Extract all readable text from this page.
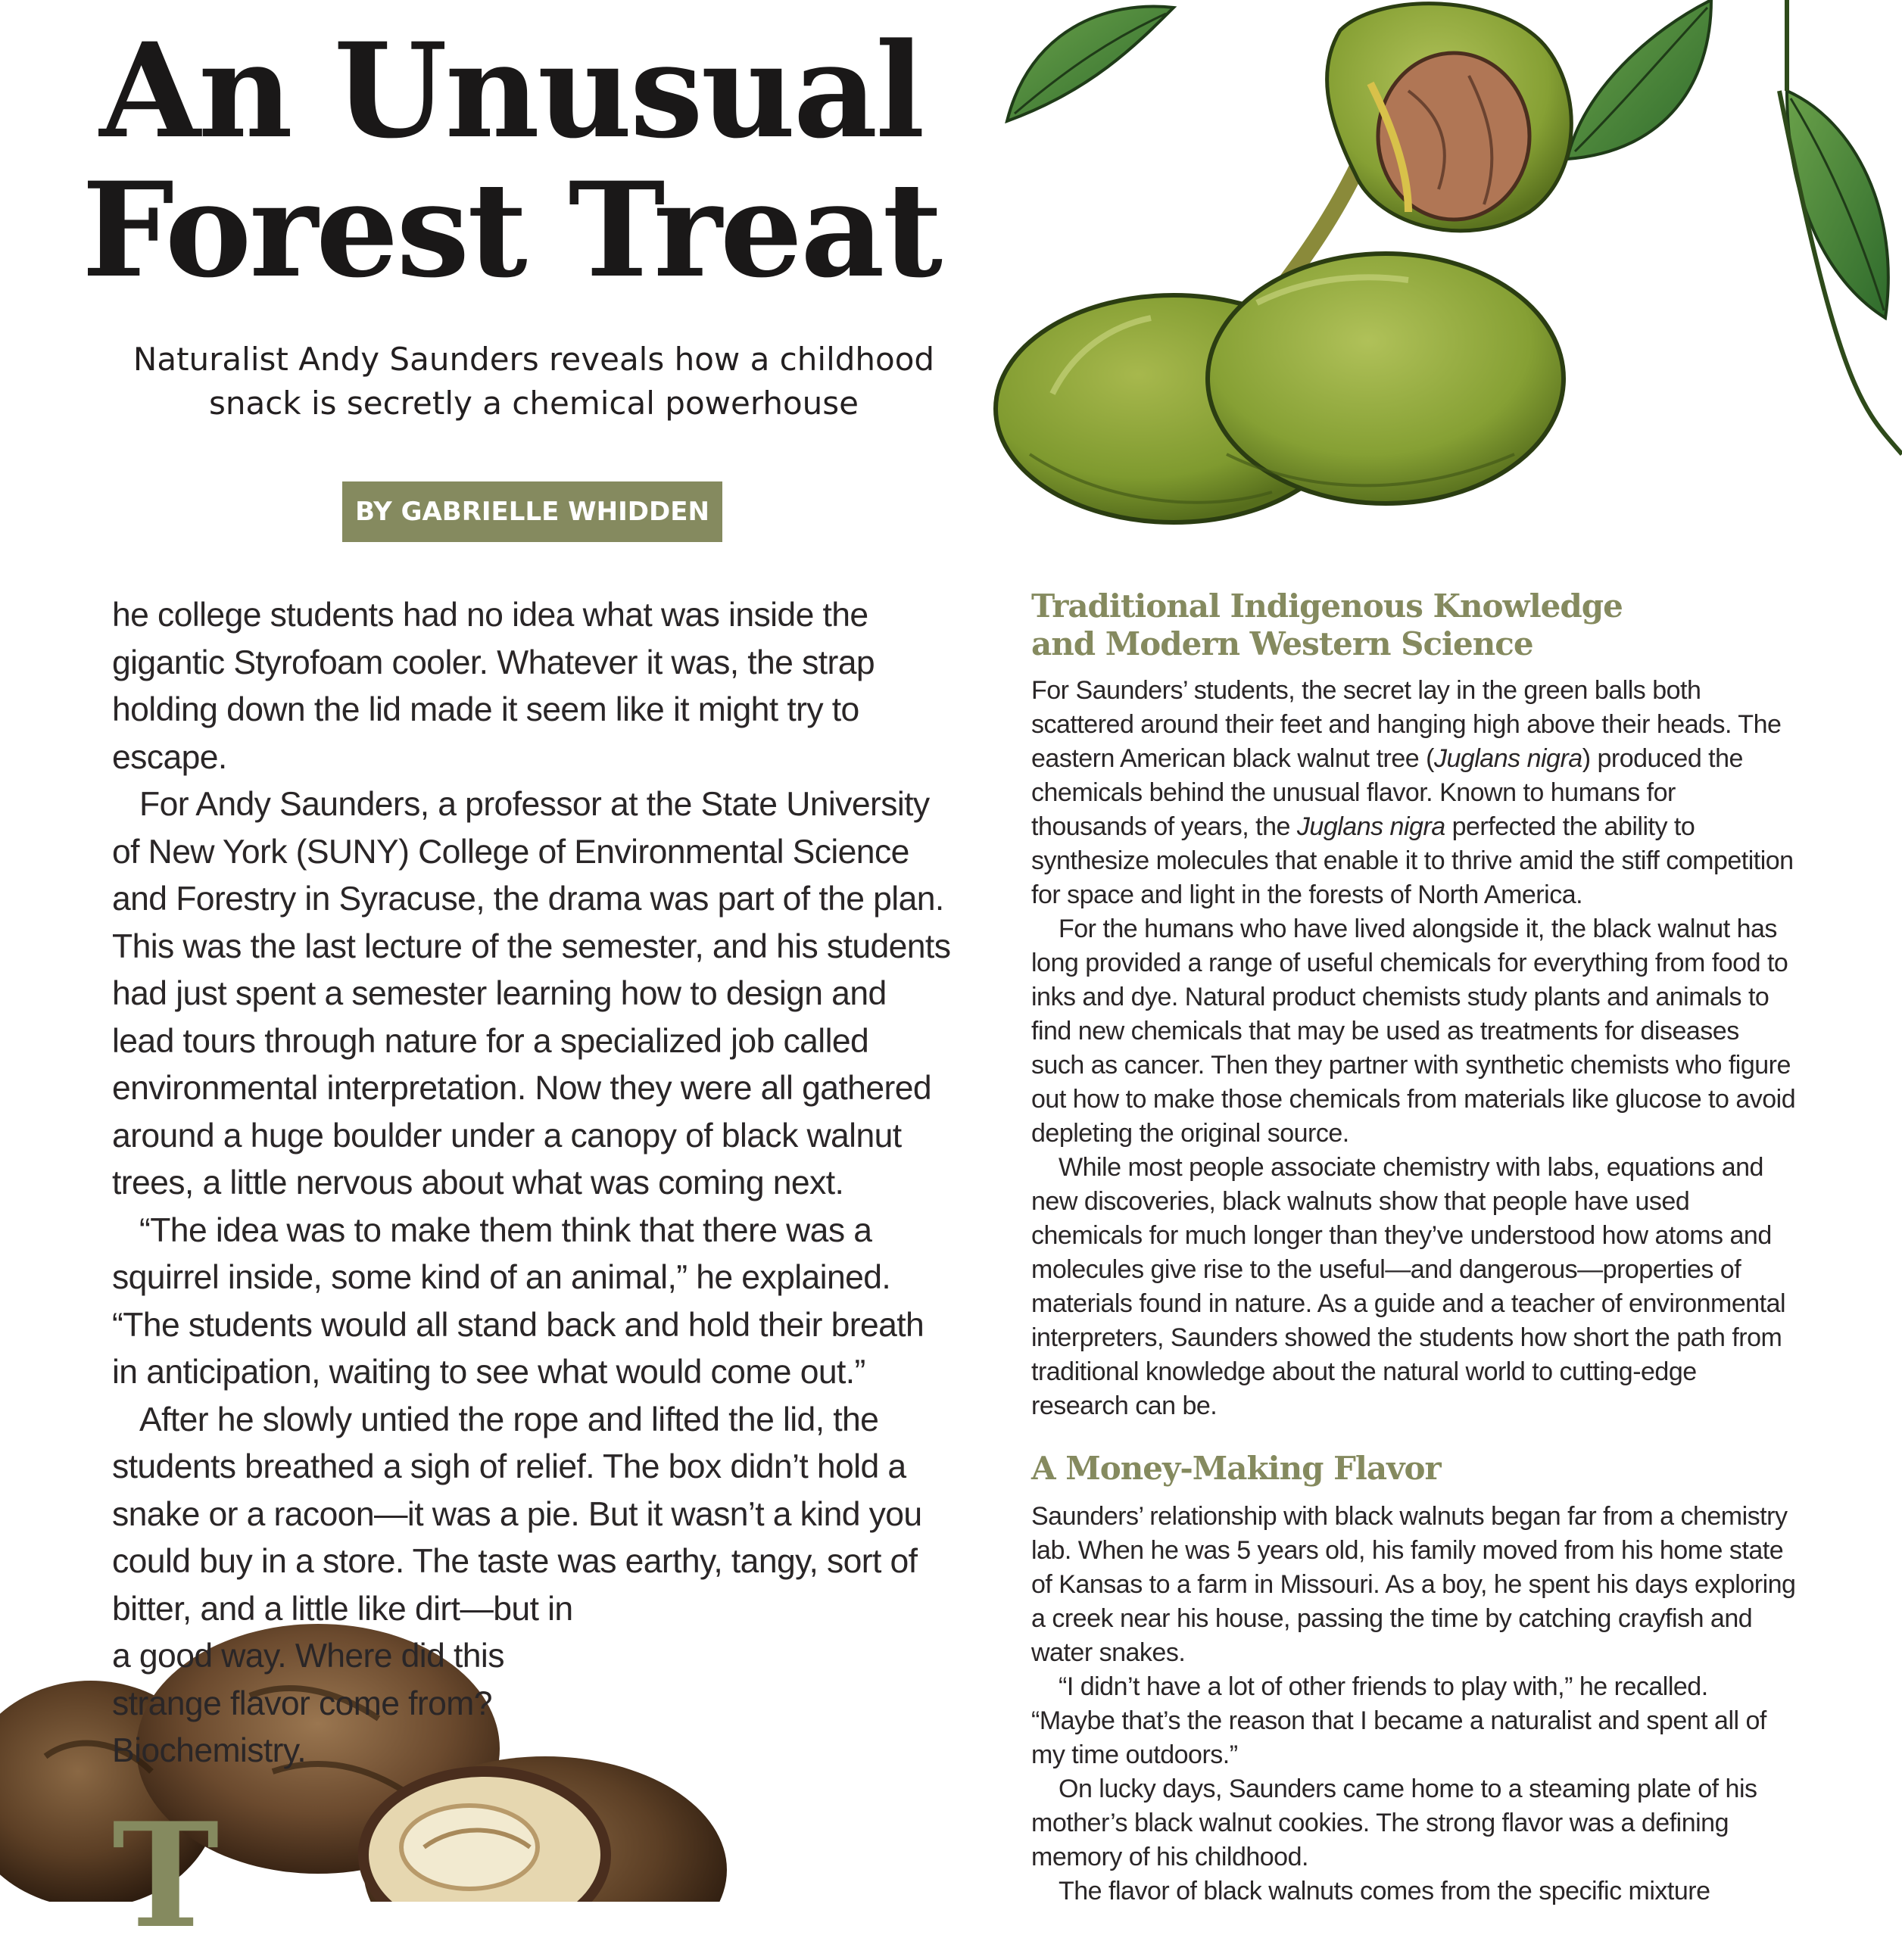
An Unusual
Forest Treat

Naturalist Andy Saunders reveals how a childhood snack is secretly a chemical powerhouse

BY GABRIELLE WHIDDEN

T
he college students had no idea what was inside the gigantic Styrofoam cooler. Whatever it was, the strap holding down the lid made it seem like it might try to escape.

For Andy Saunders, a professor at the State University of New York (SUNY) College of Environmental Science and Forestry in Syracuse, the drama was part of the plan. This was the last lecture of the semester, and his students had just spent a semester learning how to design and lead tours through nature for a specialized job called environmental interpretation. Now they were all gathered around a huge boulder under a canopy of black walnut trees, a little nervous about what was coming next.

“The idea was to make them think that there was a squirrel inside, some kind of an animal,” he explained. “The students would all stand back and hold their breath in anticipation, waiting to see what would come out.”

After he slowly untied the rope and lifted the lid, the students breathed a sigh of relief. The box didn’t hold a snake or a racoon—it was a pie. But it wasn’t a kind you could buy in a store. The taste was earthy, tangy, sort of bitter, and a little like dirt—but in a good way. Where did this strange flavor come from? Biochemistry.

Traditional Indigenous Knowledge
and Modern Western Science

For Saunders’ students, the secret lay in the green balls both scattered around their feet and hanging high above their heads. The eastern American black walnut tree (Juglans nigra) produced the chemicals behind the unusual flavor. Known to humans for thousands of years, the Juglans nigra perfected the ability to synthesize molecules that enable it to thrive amid the stiff competition for space and light in the forests of North America.

For the humans who have lived alongside it, the black walnut has long provided a range of useful chemicals for everything from food to inks and dye. Natural product chemists study plants and animals to find new chemicals that may be used as treatments for diseases such as cancer. Then they partner with synthetic chemists who figure out how to make those chemicals from materials like glucose to avoid depleting the original source.

While most people associate chemistry with labs, equations and new discoveries, black walnuts show that people have used chemicals for much longer than they’ve understood how atoms and molecules give rise to the useful—and dangerous—properties of materials found in nature. As a guide and a teacher of environmental interpreters, Saunders showed the students how short the path from traditional knowledge about the natural world to cutting-edge research can be.

A Money-Making Flavor

Saunders’ relationship with black walnuts began far from a chemistry lab. When he was 5 years old, his family moved from his home state of Kansas to a farm in Missouri. As a boy, he spent his days exploring a creek near his house, passing the time by catching crayfish and water snakes.

“I didn’t have a lot of other friends to play with,” he recalled. “Maybe that’s the reason that I became a naturalist and spent all of my time outdoors.”

On lucky days, Saunders came home to a steaming plate of his mother’s black walnut cookies. The strong flavor was a defining memory of his childhood.

The flavor of black walnuts comes from the specific mixture
